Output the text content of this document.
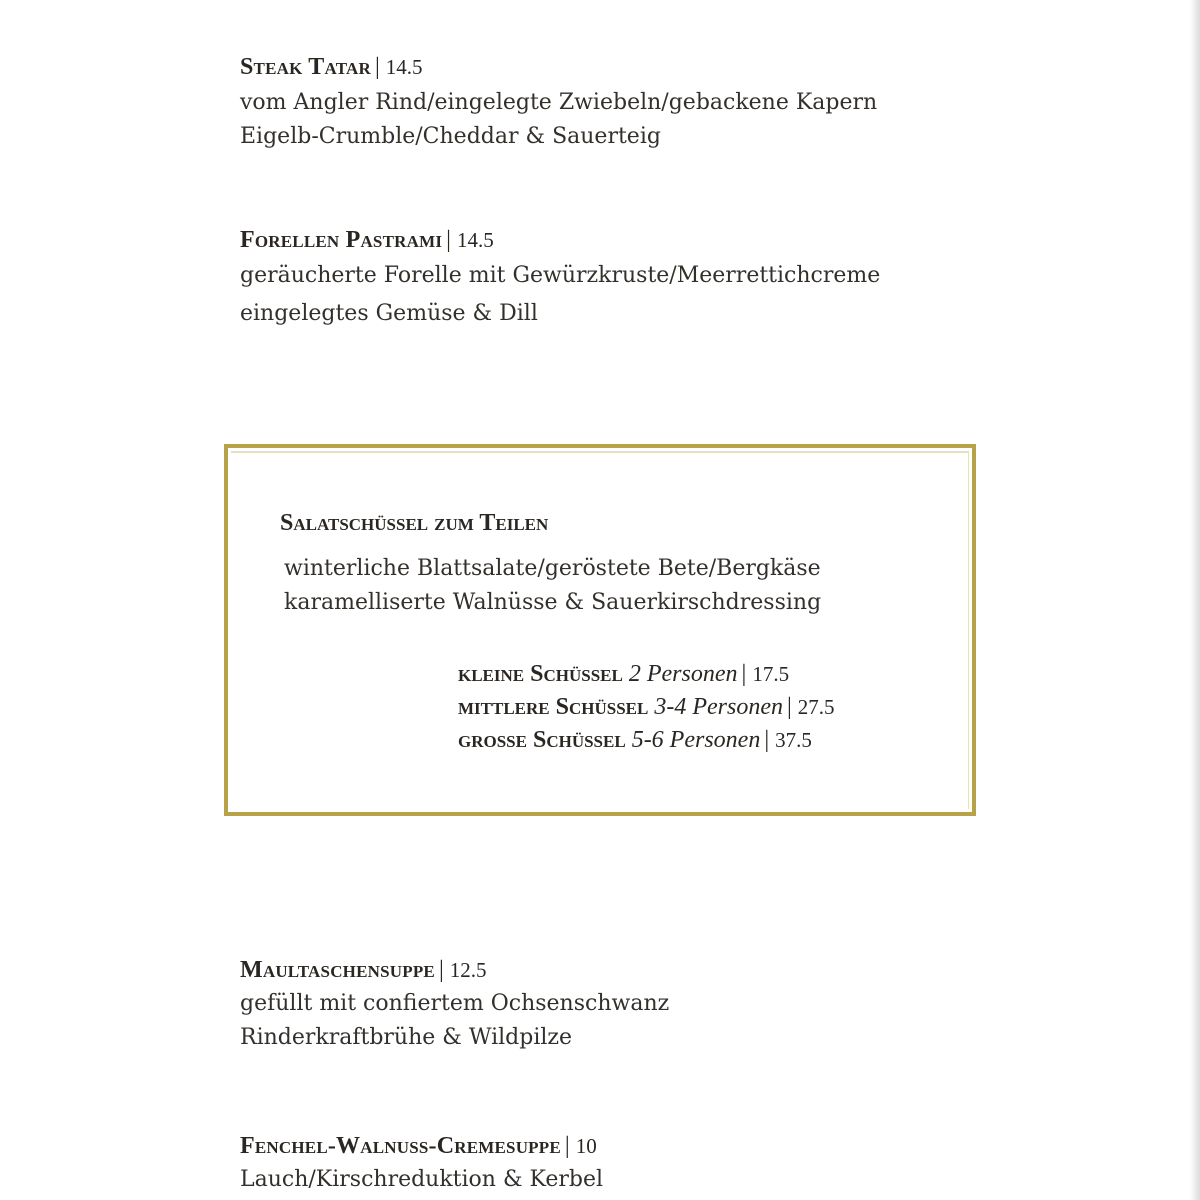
Steak Tatar | 14.5
vom Angler Rind/eingelegte Zwiebeln/gebackene Kapern
Eigelb-Crumble/Cheddar & Sauerteig
Forellen Pastrami | 14.5
geräucherte Forelle mit Gewürzkruste/Meerrettichcreme
eingelegtes Gemüse & Dill
Salatschüssel zum Teilen
winterliche Blattsalate/geröstete Bete/Bergkäse
karamelliserte Walnüsse & Sauerkirschdressing
kleine Schüssel 2 Personen | 17.5
mittlere Schüssel 3-4 Personen | 27.5
große Schüssel 5-6 Personen | 37.5
Maultaschensuppe | 12.5
gefüllt mit confiertem Ochsenschwanz
Rinderkraftbrühe & Wildpilze
Fenchel-Walnuss-Cremesuppe | 10
Lauch/Kirschreduktion & Kerbel
